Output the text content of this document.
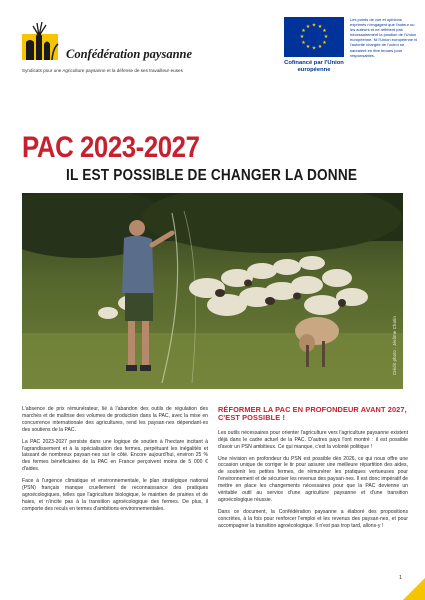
Confédération paysanne
Syndicats pour une Agriculture paysanne et la défense de ses travailleur·euses
★ ★
★
★
★
★
★
★
★
★
★
★
Cofinancé par l'Union européenne
Les points de vue et opinions exprimés n'engagent que l'auteur ou les auteurs et ne reflètent pas nécessairement la position de l'Union européenne. Ni l'Union européenne ni l'autorité chargée de l'octroi ne sauraient en être tenues pour responsables.
PAC 2023-2027
IL EST POSSIBLE DE CHANGER LA DONNE
Crédit photo : Jérôme Chatin

L'absence de prix rémunérateur, lié à l'abandon des outils de régulation des marchés et de maîtrise des volumes de production dans la PAC, avec la mise en concurrence internationale des agricultures, rend les paysan·nes dépendant·es des soutiens de la PAC.

La PAC 2023-2027 persiste dans une logique de soutien à l'hectare incitant à l'agrandissement et à la spécialisation des fermes, perpétuant les inégalités et laissant de nombreux paysan·nes sur le côté. Encore aujourd'hui, environ 25 % des fermes bénéficiaires de la PAC en France perçoivent moins de 5 000 € d'aides.

Face à l'urgence climatique et environnementale, le plan stratégique national (PSN) français manque cruellement de reconnaissance des pratiques agroécologiques, telles que l'agriculture biologique, le maintien de prairies et de haies, et n'incite pas à la transition agroécologique des fermes. De plus, il comporte des reculs en termes d'ambitions environnementales.

RÉFORMER LA PAC EN PROFONDEUR AVANT 2027, C'EST POSSIBLE !

Les outils nécessaires pour orienter l'agriculture vers l'agriculture paysanne existent déjà dans le cadre actuel de la PAC. D'autres pays l'ont montré : il est possible d'avoir un PSN ambitieux. Ce qui manque, c'est la volonté politique !

Une révision en profondeur du PSN est possible dès 2026, ce qui nous offre une occasion unique de corriger le tir pour assurer une meilleure répartition des aides, de soutenir les petites fermes, de rémunérer les pratiques vertueuses pour l'environnement et de sécuriser les revenus des paysan·nes. Il est donc impératif de mettre en place les changements nécessaires pour que la PAC devienne un véritable outil au service d'une agriculture paysanne et d'une transition agroécologique réussie.

Dans ce document, la Confédération paysanne a élaboré des propositions concrètes, à la fois pour renforcer l'emploi et les revenus des paysan·nes, et pour accompagner la transition agroécologique. Il n'est pas trop tard, allons-y !

1
